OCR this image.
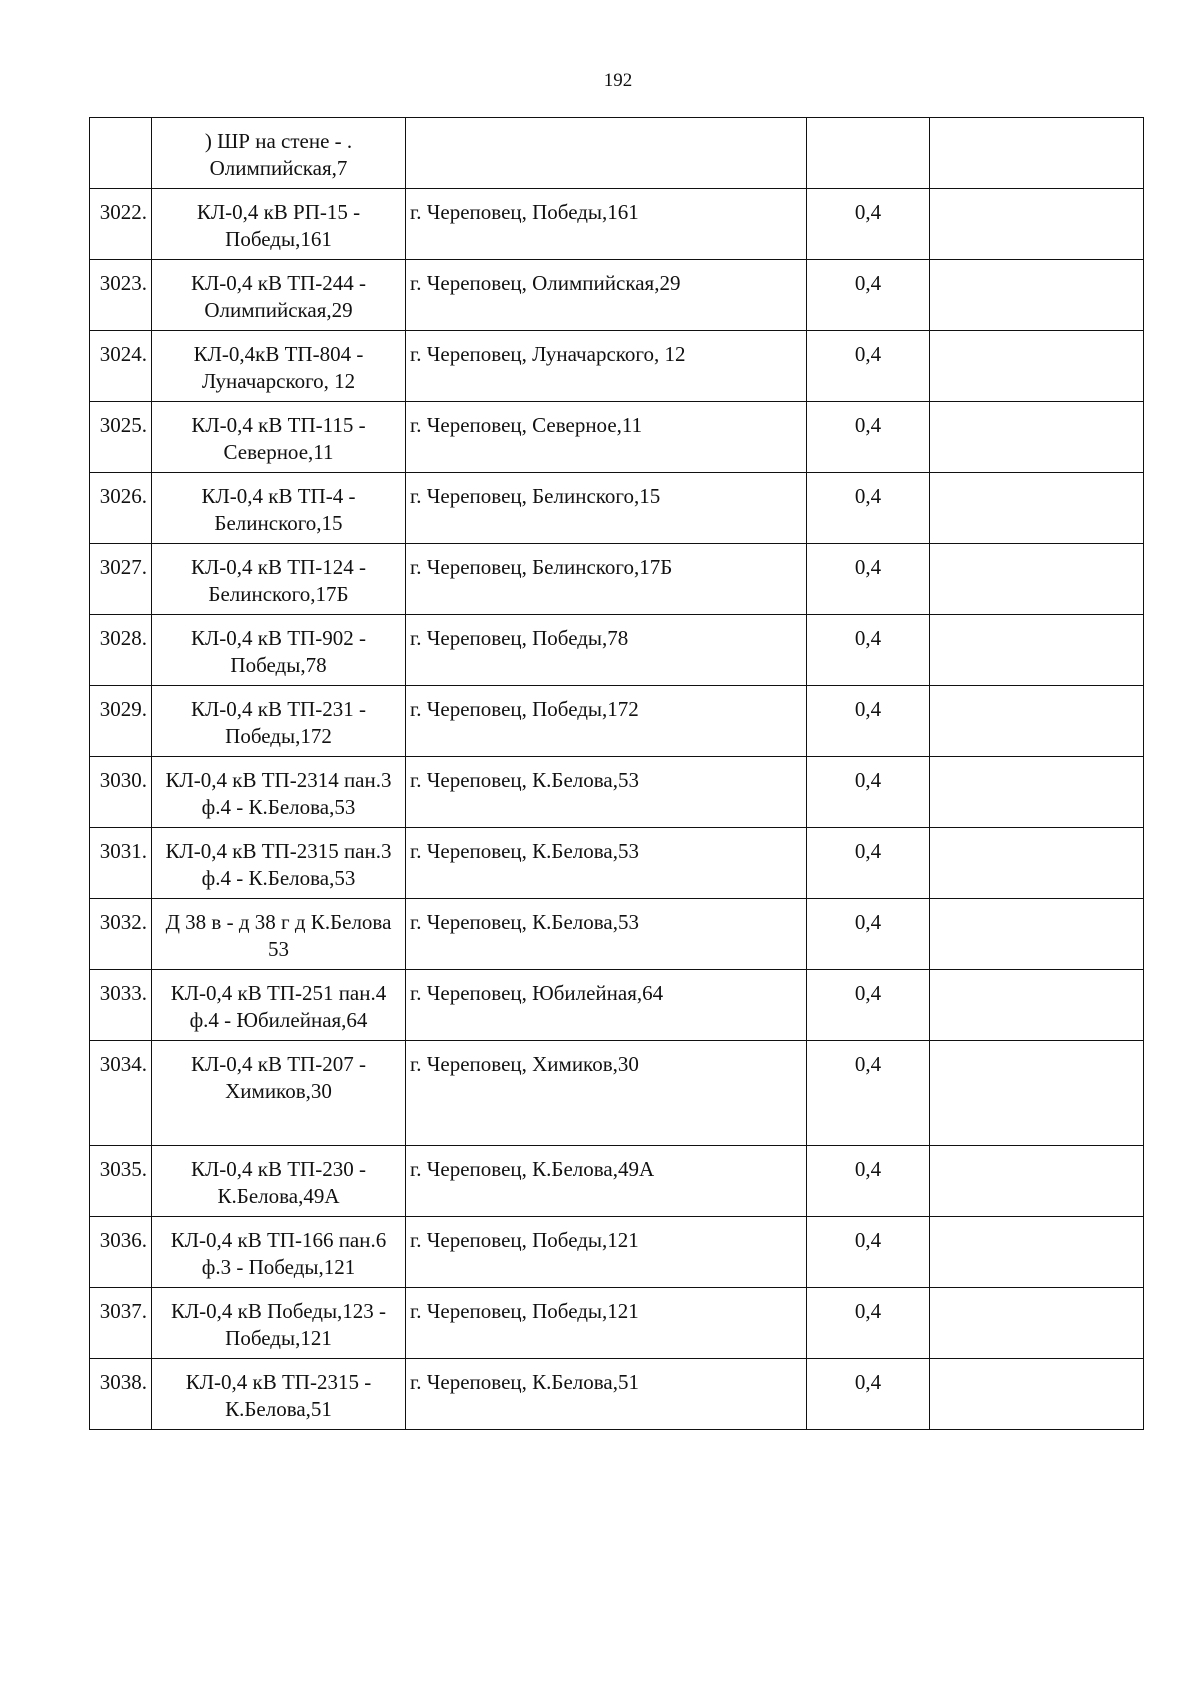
192
	) ШР на стене - . Олимпийская,7			
3022.	КЛ-0,4 кВ РП-15 - Победы,161	г. Череповец, Победы,161	0,4	
3023.	КЛ-0,4 кВ ТП-244 - Олимпийская,29	г. Череповец, Олимпийская,29	0,4	
3024.	КЛ-0,4кВ ТП-804 - Луначарского, 12	г. Череповец, Луначарского, 12	0,4	
3025.	КЛ-0,4 кВ ТП-115 - Северное,11	г. Череповец, Северное,11	0,4	
3026.	КЛ-0,4 кВ ТП-4 - Белинского,15	г. Череповец, Белинского,15	0,4	
3027.	КЛ-0,4 кВ ТП-124 - Белинского,17Б	г. Череповец, Белинского,17Б	0,4	
3028.	КЛ-0,4 кВ ТП-902 - Победы,78	г. Череповец, Победы,78	0,4	
3029.	КЛ-0,4 кВ ТП-231 - Победы,172	г. Череповец, Победы,172	0,4	
3030.	КЛ-0,4 кВ ТП-2314 пан.3 ф.4 - К.Белова,53	г. Череповец, К.Белова,53	0,4	
3031.	КЛ-0,4 кВ ТП-2315 пан.3 ф.4 - К.Белова,53	г. Череповец, К.Белова,53	0,4	
3032.	Д 38 в - д 38 г д К.Белова 53	г. Череповец, К.Белова,53	0,4	
3033.	КЛ-0,4 кВ ТП-251 пан.4 ф.4 - Юбилейная,64	г. Череповец, Юбилейная,64	0,4	
3034.	КЛ-0,4 кВ ТП-207 - Химиков,30	г. Череповец, Химиков,30	0,4	
3035.	КЛ-0,4 кВ ТП-230 - К.Белова,49А	г. Череповец, К.Белова,49А	0,4	
3036.	КЛ-0,4 кВ ТП-166 пан.6 ф.3 - Победы,121	г. Череповец, Победы,121	0,4	
3037.	КЛ-0,4 кВ Победы,123 - Победы,121	г. Череповец, Победы,121	0,4	
3038.	КЛ-0,4 кВ ТП-2315 - К.Белова,51	г. Череповец, К.Белова,51	0,4	
